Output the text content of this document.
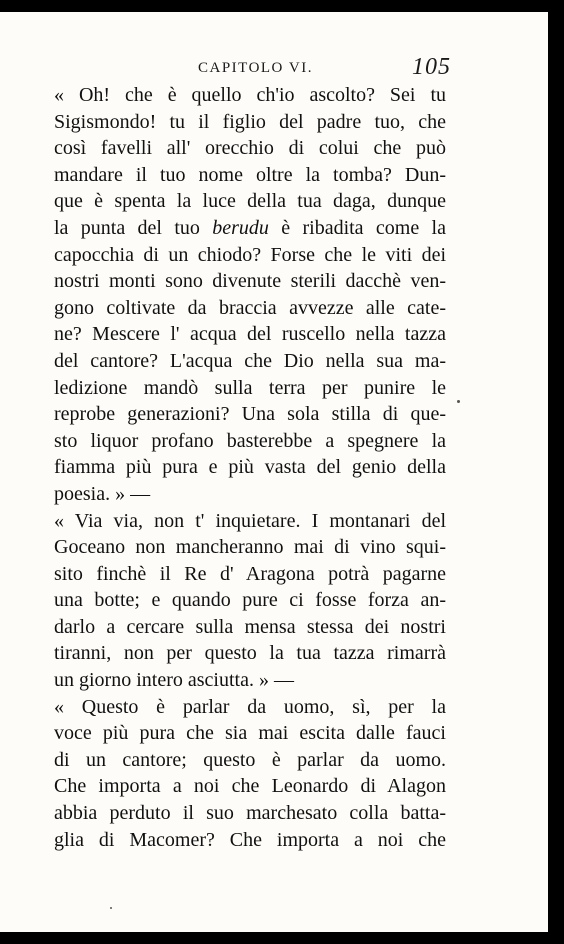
CAPITOLO VI.	105
« Oh! che è quello ch'io ascolto? Sei tu
Sigismondo! tu il figlio del padre tuo, che
così favelli all' orecchio di colui che può
mandare il tuo nome oltre la tomba? Dun-
que è spenta la luce della tua daga, dunque
la punta del tuo berudu è ribadita come la
capocchia di un chiodo? Forse che le viti dei
nostri monti sono divenute sterili dacchè ven-
gono coltivate da braccia avvezze alle cate-
ne? Mescere l' acqua del ruscello nella tazza
del cantore? L'acqua che Dio nella sua ma-
ledizione mandò sulla terra per punire le
reprobe generazioni? Una sola stilla di que-
sto liquor profano basterebbe a spegnere la
fiamma più pura e più vasta del genio della
poesia. » —
« Via via, non t' inquietare. I montanari del
Goceano non mancheranno mai di vino squi-
sito finchè il Re d' Aragona potrà pagarne
una botte; e quando pure ci fosse forza an-
darlo a cercare sulla mensa stessa dei nostri
tiranni, non per questo la tua tazza rimarrà
un giorno intero asciutta. » —
« Questo è parlar da uomo, sì, per la
voce più pura che sia mai escita dalle fauci
di un cantore; questo è parlar da uomo.
Che importa a noi che Leonardo di Alagon
abbia perduto il suo marchesato colla batta-
glia di Macomer? Che importa a noi che
